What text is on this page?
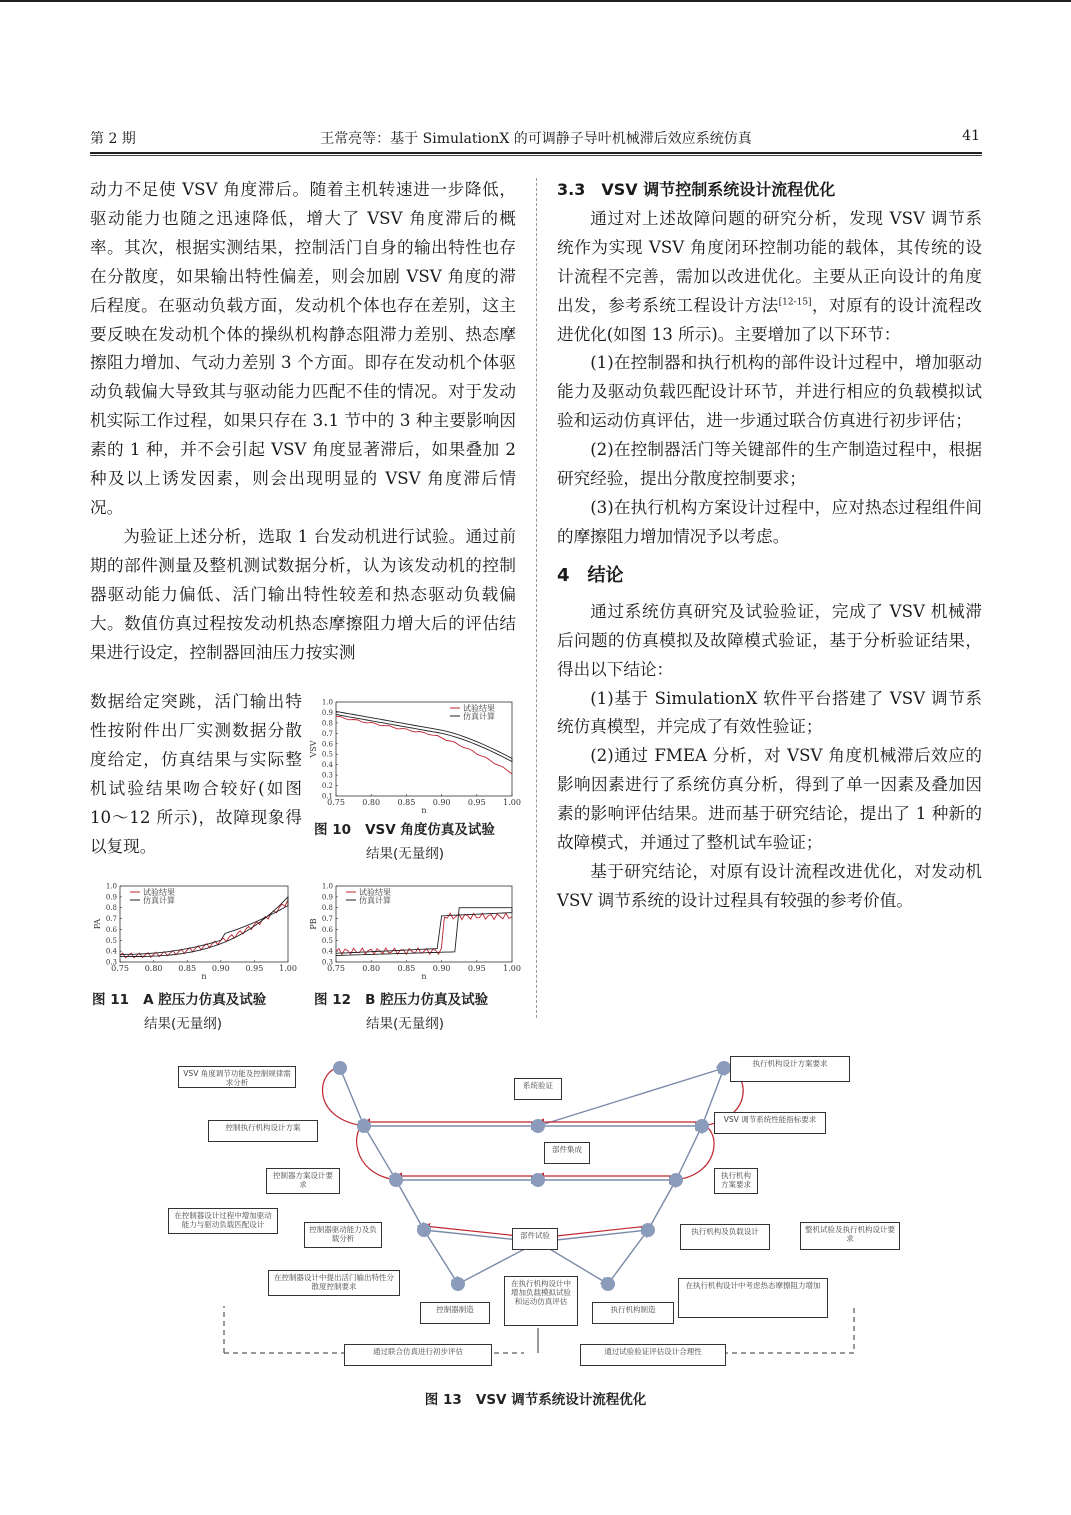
第 2 期	王常亮等：基于 SimulationX 的可调静子导叶机械滞后效应系统仿真	41

动力不足使 VSV 角度滞后。随着主机转速进一步降低，驱动能力也随之迅速降低，增大了 VSV 角度滞后的概率。其次，根据实测结果，控制活门自身的输出特性也存在分散度，如果输出特性偏差，则会加剧 VSV 角度的滞后程度。在驱动负载方面，发动机个体也存在差别，这主要反映在发动机个体的操纵机构静态阻滞力差别、热态摩擦阻力增加、气动力差别 3 个方面。即存在发动机个体驱动负载偏大导致其与驱动能力匹配不佳的情况。对于发动机实际工作过程，如果只存在 3.1 节中的 3 种主要影响因素的 1 种，并不会引起 VSV 角度显著滞后，如果叠加 2 种及以上诱发因素，则会出现明显的 VSV 角度滞后情况。

为验证上述分析，选取 1 台发动机进行试验。通过前期的部件测量及整机测试数据分析，认为该发动机的控制器驱动能力偏低、活门输出特性较差和热态驱动负载偏大。数值仿真过程按发动机热态摩擦阻力增大后的评估结果进行设定，控制器回油压力按实测

数据给定突跳，活门输出特性按附件出厂实测数据分散度给定，仿真结果与实际整机试验结果吻合较好(如图 10～12 所示)，故障现象得以复现。

0.75 0.80 0.85 0.90 0.95 1.00
1.0
0.9
0.8
0.7
0.6
0.5
0.4
0.3
0.2
0.1
n
VSV
试验结果
仿真计算
图 10 VSV 角度仿真及试验
结果(无量纲)
0.75 0.80 0.85 0.90 0.95 1.00
1.0
0.9
0.8
0.7
0.6
0.5
0.4
0.3
n
PA
试验结果
仿真计算
图 11 A 腔压力仿真及试验
结果(无量纲)
0.75 0.80 0.85 0.90 0.95 1.00
1.0
0.9
0.8
0.7
0.6
0.5
0.4
0.3
n
PB
试验结果
仿真计算
图 12 B 腔压力仿真及试验
结果(无量纲)
3.3　VSV 调节控制系统设计流程优化

通过对上述故障问题的研究分析，发现 VSV 调节系统作为实现 VSV 角度闭环控制功能的载体，其传统的设计流程不完善，需加以改进优化。主要从正向设计的角度出发，参考系统工程设计方法[12-15]，对原有的设计流程改进优化(如图 13 所示)。主要增加了以下环节：

(1)在控制器和执行机构的部件设计过程中，增加驱动能力及驱动负载匹配设计环节，并进行相应的负载模拟试验和运动仿真评估，进一步通过联合仿真进行初步评估；

(2)在控制器活门等关键部件的生产制造过程中，根据研究经验，提出分散度控制要求；

(3)在执行机构方案设计过程中，应对热态过程组件间的摩擦阻力增加情况予以考虑。

4　结论

通过系统仿真研究及试验验证，完成了 VSV 机械滞后问题的仿真模拟及故障模式验证，基于分析验证结果，得出以下结论：

(1)基于 SimulationX 软件平台搭建了 VSV 调节系统仿真模型，并完成了有效性验证；

(2)通过 FMEA 分析，对 VSV 角度机械滞后效应的影响因素进行了系统仿真分析，得到了单一因素及叠加因素的影响评估结果。进而基于研究结论，提出了 1 种新的故障模式，并通过了整机试车验证；

基于研究结论，对原有设计流程改进优化，对发动机 VSV 调节系统的设计过程具有较强的参考价值。

VSV 角度调节功能及控制规律需求分析
控制执行机构设计方案
控制器方案设计要求
在控制器设计过程中增加驱动能力与驱动负载匹配设计
控制器驱动能力及负载分析
在控制器设计中提出活门输出特性分散度控制要求
控制器制造
系统验证
部件集成
部件试验
在执行机构设计中增加负载模拟试验和运动仿真评估
执行机构制造
执行机构及负载设计
执行机构方案要求
在执行机构设计中考虑热态摩擦阻力增加
整机试验及执行机构设计要求
执行机构设计方案要求
VSV 调节系统性能指标要求
通过联合仿真进行初步评估	通过试验验证评估设计合理性
图 13 VSV 调节系统设计流程优化
